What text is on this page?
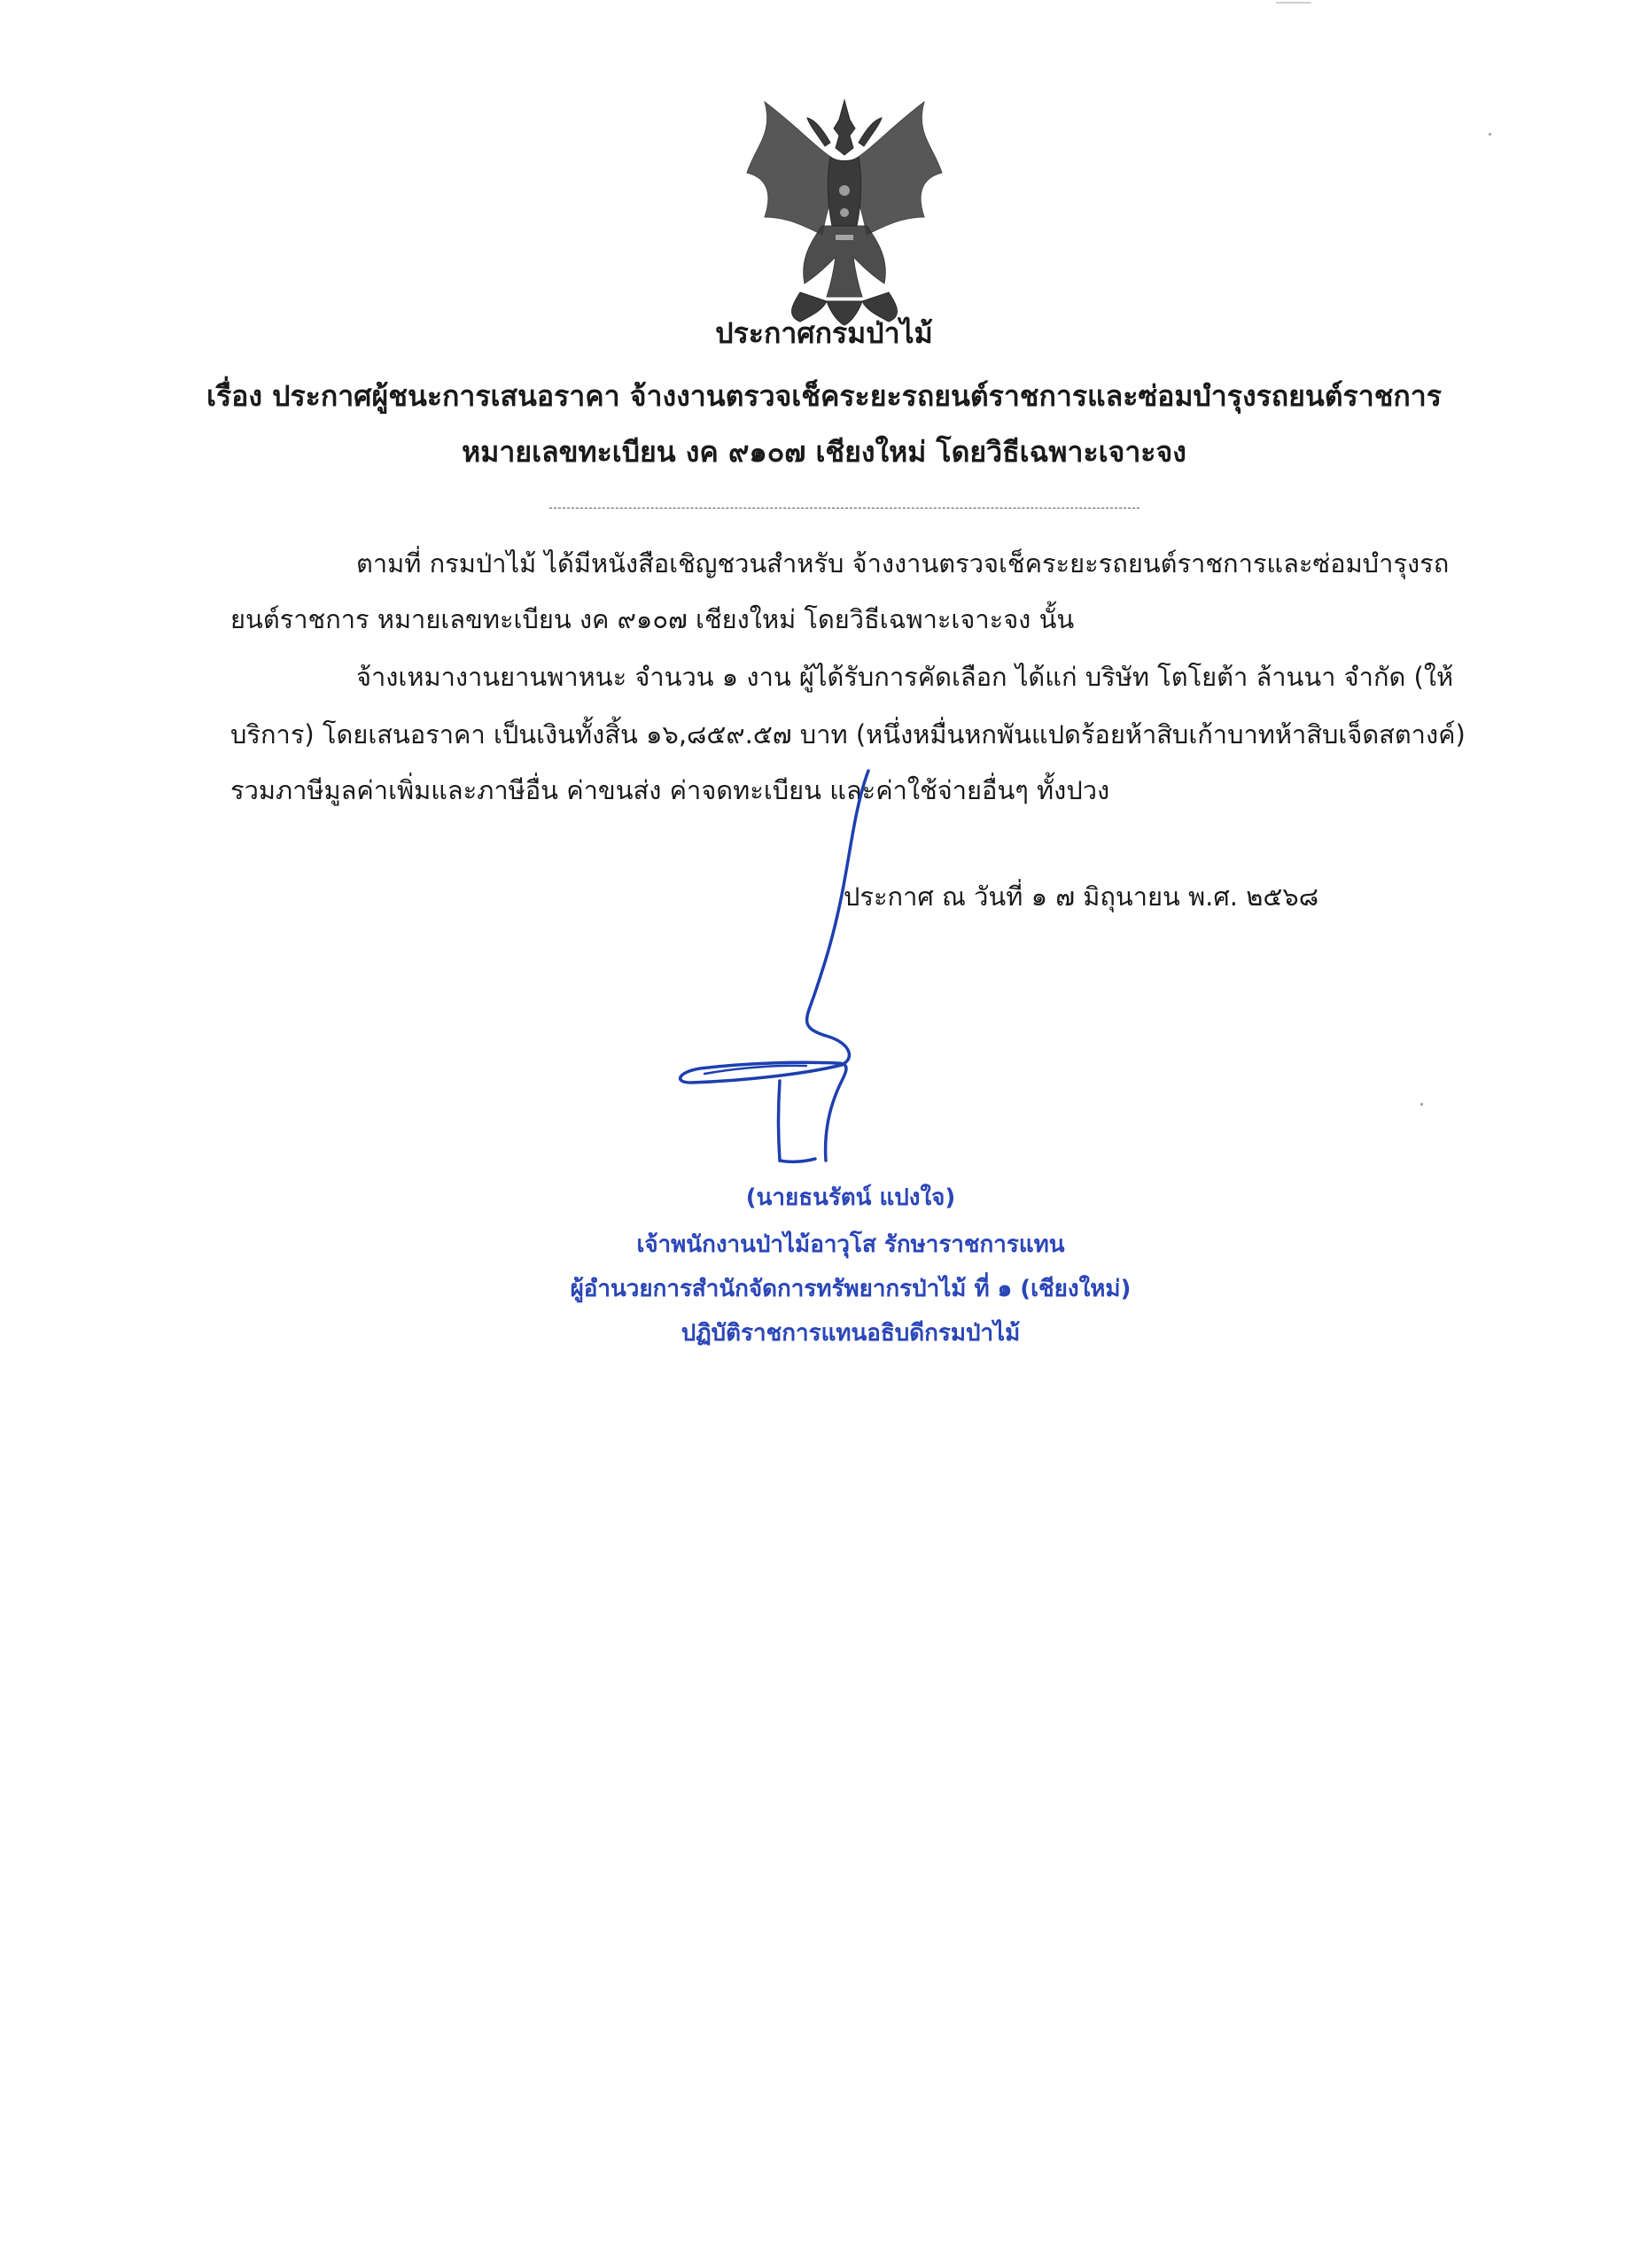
ประกาศกรมป่าไม้
เรื่อง ประกาศผู้ชนะการเสนอราคา จ้างงานตรวจเช็คระยะรถยนต์ราชการและซ่อมบำรุงรถยนต์ราชการ
หมายเลขทะเบียน งค ๙๑๐๗ เชียงใหม่ โดยวิธีเฉพาะเจาะจง
ตามที่ กรมป่าไม้ ได้มีหนังสือเชิญชวนสำหรับ จ้างงานตรวจเช็คระยะรถยนต์ราชการและซ่อมบำรุงรถ
ยนต์ราชการ หมายเลขทะเบียน งค ๙๑๐๗ เชียงใหม่ โดยวิธีเฉพาะเจาะจง นั้น
จ้างเหมางานยานพาหนะ จำนวน ๑ งาน ผู้ได้รับการคัดเลือก ได้แก่ บริษัท โตโยต้า ล้านนา จำกัด (ให้
บริการ) โดยเสนอราคา เป็นเงินทั้งสิ้น ๑๖,๘๕๙.๕๗ บาท (หนึ่งหมื่นหกพันแปดร้อยห้าสิบเก้าบาทห้าสิบเจ็ดสตางค์)
รวมภาษีมูลค่าเพิ่มและภาษีอื่น ค่าขนส่ง ค่าจดทะเบียน และค่าใช้จ่ายอื่นๆ ทั้งปวง
ประกาศ ณ วันที่ ๑ ๗ มิถุนายน พ.ศ. ๒๕๖๘
(นายธนรัตน์ แปงใจ)
เจ้าพนักงานป่าไม้อาวุโส รักษาราชการแทน
ผู้อำนวยการสำนักจัดการทรัพยากรป่าไม้ ที่ ๑ (เชียงใหม่)
ปฏิบัติราชการแทนอธิบดีกรมป่าไม้
